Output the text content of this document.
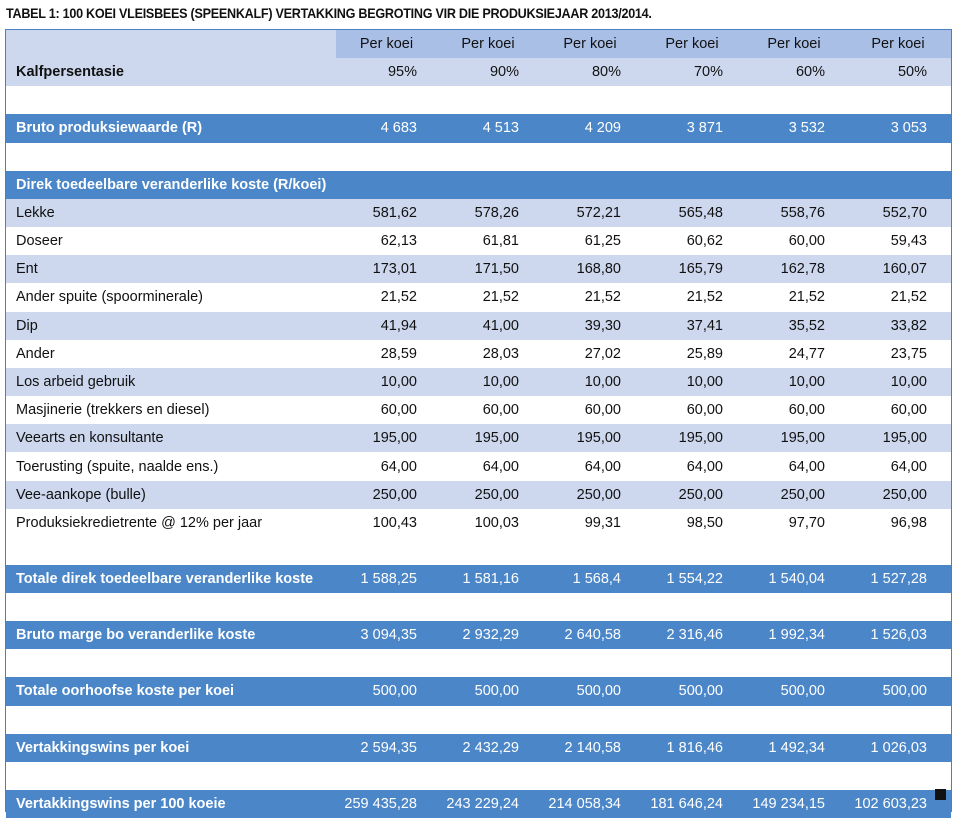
TABEL 1: 100 KOEI VLEISBEES (SPEENKALF) VERTAKKING BEGROTING VIR DIE PRODUKSIEJAAR 2013/2014.
	Per koei	Per koei	Per koei	Per koei	Per koei	Per koei
Kalfpersentasie	95%	90%	80%	70%	60%	50%

Bruto produksiewaarde (R)	4 683	4 513	4 209	3 871	3 532	3 053

Direk toedeelbare veranderlike koste (R/koei)						
Lekke	581,62	578,26	572,21	565,48	558,76	552,70
Doseer	62,13	61,81	61,25	60,62	60,00	59,43
Ent	173,01	171,50	168,80	165,79	162,78	160,07
Ander spuite (spoorminerale)	21,52	21,52	21,52	21,52	21,52	21,52
Dip	41,94	41,00	39,30	37,41	35,52	33,82
Ander	28,59	28,03	27,02	25,89	24,77	23,75
Los arbeid gebruik	10,00	10,00	10,00	10,00	10,00	10,00
Masjinerie (trekkers en diesel)	60,00	60,00	60,00	60,00	60,00	60,00
Veearts en konsultante	195,00	195,00	195,00	195,00	195,00	195,00
Toerusting (spuite, naalde ens.)	64,00	64,00	64,00	64,00	64,00	64,00
Vee-aankope (bulle)	250,00	250,00	250,00	250,00	250,00	250,00
Produksiekredietrente @ 12% per jaar	100,43	100,03	99,31	98,50	97,70	96,98

Totale direk toedeelbare veranderlike koste	1 588,25	1 581,16	1 568,4	1 554,22	1 540,04	1 527,28

Bruto marge bo veranderlike koste	3 094,35	2 932,29	2 640,58	2 316,46	1 992,34	1 526,03

Totale oorhoofse koste per koei	500,00	500,00	500,00	500,00	500,00	500,00

Vertakkingswins per koei	2 594,35	2 432,29	2 140,58	1 816,46	1 492,34	1 026,03

Vertakkingswins per 100 koeie	259 435,28	243 229,24	214 058,34	181 646,24	149 234,15	102 603,23
